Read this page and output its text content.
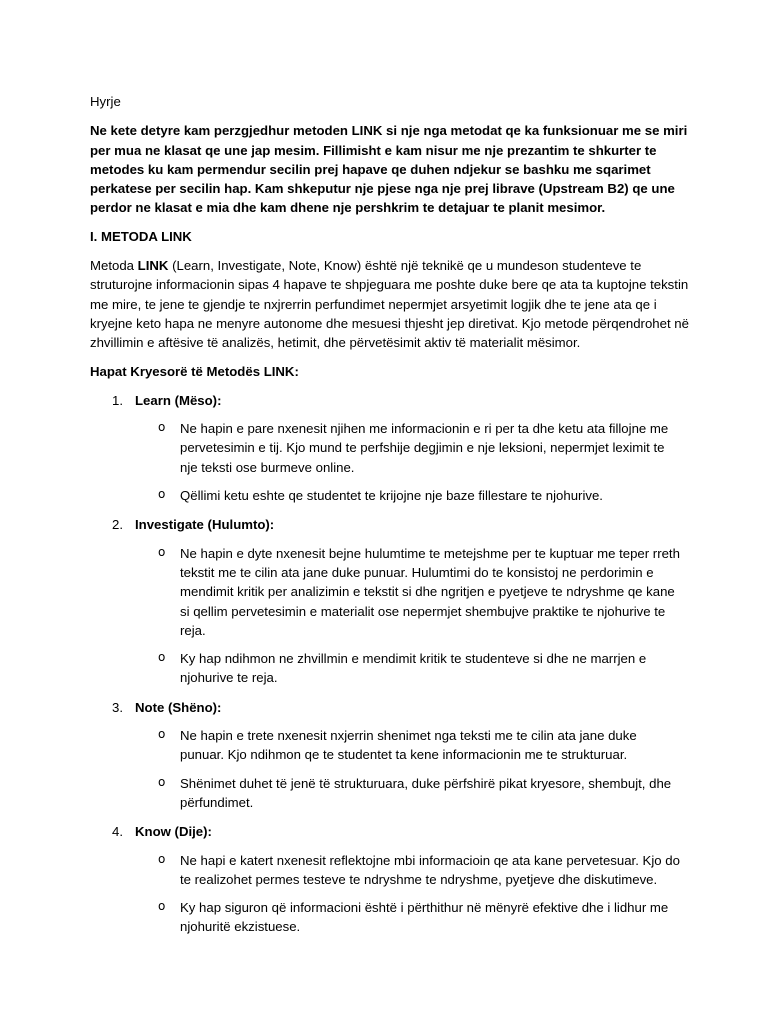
Hyrje

Ne kete detyre kam perzgjedhur metoden LINK si nje nga metodat qe ka funksionuar me se miri per mua ne klasat qe une jap mesim. Fillimisht e kam nisur me nje prezantim te shkurter te metodes ku kam permendur secilin prej hapave qe duhen ndjekur se bashku me sqarimet perkatese per secilin hap. Kam shkeputur nje pjese nga nje prej librave (Upstream B2) qe une perdor ne klasat e mia dhe kam dhene nje pershkrim te detajuar te planit mesimor.

I. METODA LINK

Metoda LINK (Learn, Investigate, Note, Know) është një teknikë qe u mundeson studenteve te struturojne informacionin sipas 4 hapave te shpjeguara me poshte duke bere qe ata ta kuptojne tekstin me mire, te jene te gjendje te nxjrerrin perfundimet nepermjet arsyetimit logjik dhe te jene ata qe i kryejne keto hapa ne menyre autonome dhe mesuesi thjesht jep diretivat. Kjo metode përqendrohet në zhvillimin e aftësive të analizës, hetimit, dhe përvetësimit aktiv të materialit mësimor.

Hapat Kryesorë të Metodës LINK:

1. Learn (Mëso):
o Ne hapin e pare nxenesit njihen me informacionin e ri per ta dhe ketu ata fillojne me pervetesimin e tij. Kjo mund te perfshije degjimin e nje leksioni, nepermjet leximit te nje teksti ose burmeve online.
o Qëllimi ketu eshte qe studentet te krijojne nje baze fillestare te njohurive.
2. Investigate (Hulumto):
o Ne hapin e dyte nxenesit bejne hulumtime te metejshme per te kuptuar me teper rreth tekstit me te cilin ata jane duke punuar. Hulumtimi do te konsistoj ne perdorimin e mendimit kritik per analizimin e tekstit si dhe ngritjen e pyetjeve te ndryshme qe kane si qellim pervetesimin e materialit ose nepermjet shembujve praktike te njohurive te reja.
o Ky hap ndihmon ne zhvillmin e mendimit kritik te studenteve si dhe ne marrjen e njohurive te reja.
3. Note (Shëno):
o Ne hapin e trete nxenesit nxjerrin shenimet nga teksti me te cilin ata jane duke punuar. Kjo ndihmon qe te studentet ta kene informacionin me te strukturuar.
o Shënimet duhet të jenë të strukturuara, duke përfshirë pikat kryesore, shembujt, dhe përfundimet.
4. Know (Dije):
o Ne hapi e katert nxenesit reflektojne mbi informacioin qe ata kane pervetesuar. Kjo do te realizohet permes testeve te ndryshme te ndryshme, pyetjeve dhe diskutimeve.
o Ky hap siguron që informacioni është i përthithur në mënyrë efektive dhe i lidhur me njohuritë ekzistuese.
